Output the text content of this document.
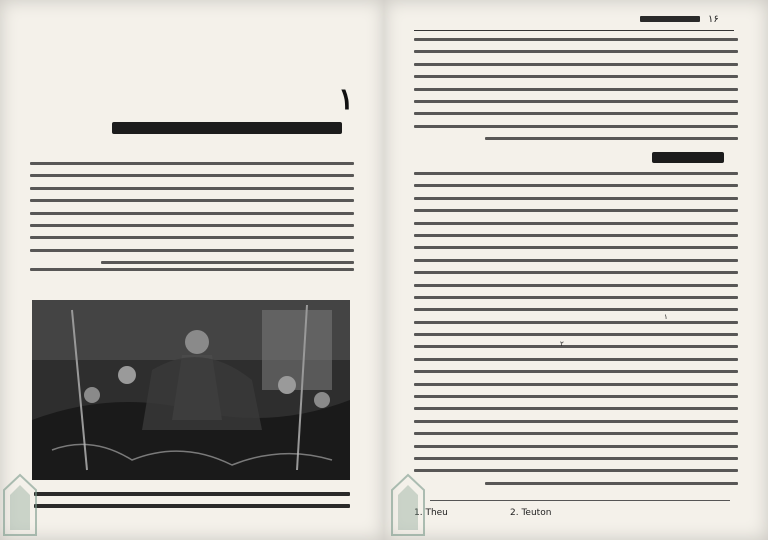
۱
۱۶
۱
۲
1. Theu	2. Teuton
